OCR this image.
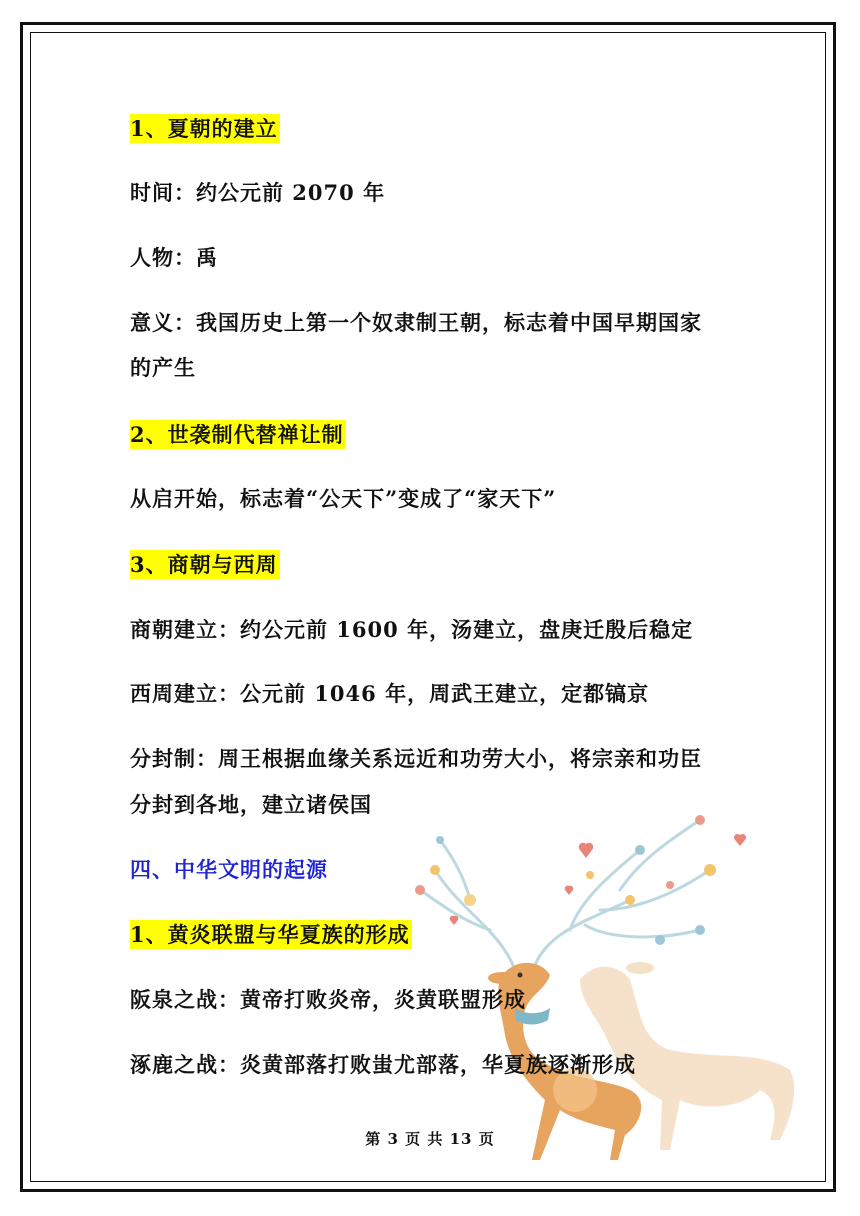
1、夏朝的建立
时间：约公元前 2070 年
人物：禹
意义：我国历史上第一个奴隶制王朝，标志着中国早期国家
的产生
2、世袭制代替禅让制
从启开始，标志着“公天下”变成了“家天下”
3、商朝与西周
商朝建立：约公元前 1600 年，汤建立，盘庚迁殷后稳定
西周建立：公元前 1046 年，周武王建立，定都镐京
分封制：周王根据血缘关系远近和功劳大小，将宗亲和功臣
分封到各地，建立诸侯国
四、中华文明的起源
1、黄炎联盟与华夏族的形成
阪泉之战：黄帝打败炎帝，炎黄联盟形成
涿鹿之战：炎黄部落打败蚩尤部落，华夏族逐渐形成
第 3 页 共 13 页
